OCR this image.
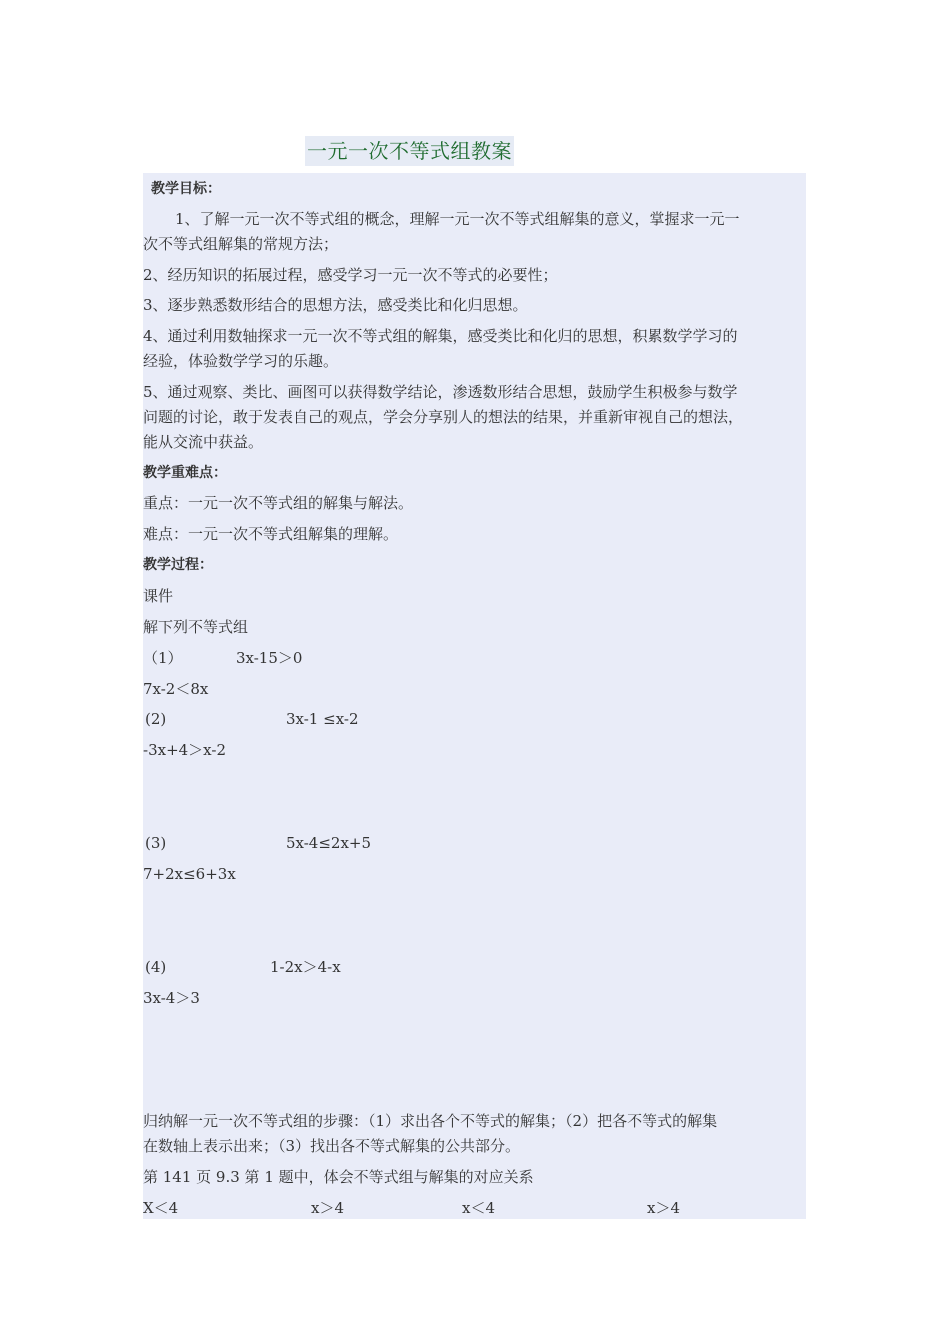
一元一次不等式组教案
教学目标：
1、了解一元一次不等式组的概念，理解一元一次不等式组解集的意义，掌握求一元一
次不等式组解集的常规方法；
2、经历知识的拓展过程，感受学习一元一次不等式的必要性；
3、逐步熟悉数形结合的思想方法，感受类比和化归思想。
4、通过利用数轴探求一元一次不等式组的解集，感受类比和化归的思想，积累数学学习的
经验，体验数学学习的乐趣。
5、通过观察、类比、画图可以获得数学结论，渗透数形结合思想，鼓励学生积极参与数学
问题的讨论，敢于发表自己的观点，学会分享别人的想法的结果，并重新审视自己的想法，
能从交流中获益。
教学重难点：
重点：一元一次不等式组的解集与解法。
难点：一元一次不等式组解集的理解。
教学过程：
课件
解下列不等式组
（1）	3x-15＞0
7x-2＜8x
(2)	3x-1 ≤x-2
-3x+4＞x-2
(3)	5x-4≤2x+5
7+2x≤6+3x
(4)	1-2x＞4-x
3x-4＞3
归纳解一元一次不等式组的步骤：（1）求出各个不等式的解集；（2）把各不等式的解集
在数轴上表示出来；（3）找出各不等式解集的公共部分。
第 141 页 9.3 第 1 题中，体会不等式组与解集的对应关系
X＜4	x＞4	x＜4	x＞4
